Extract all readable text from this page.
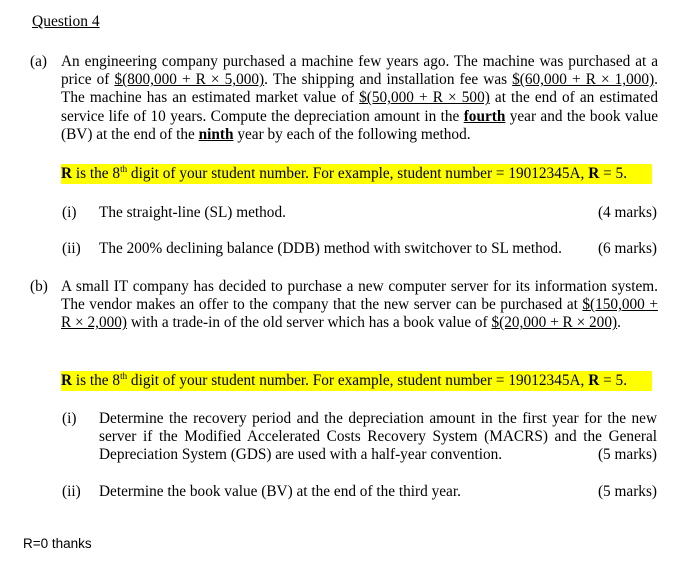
Question 4
(a) An engineering company purchased a machine few years ago. The machine was purchased at a price of $(800,000 + R × 5,000). The shipping and installation fee was $(60,000 + R × 1,000). The machine has an estimated market value of $(50,000 + R × 500) at the end of an estimated service life of 10 years. Compute the depreciation amount in the fourth year and the book value (BV) at the end of the ninth year by each of the following method.
R is the 8th digit of your student number. For example, student number = 19012345A, R = 5.
(i) The straight-line (SL) method.	(4 marks)
(ii) The 200% declining balance (DDB) method with switchover to SL method. (6 marks)
(b) A small IT company has decided to purchase a new computer server for its information system. The vendor makes an offer to the company that the new server can be purchased at $(150,000 + R × 2,000) with a trade-in of the old server which has a book value of $(20,000 + R × 200).
R is the 8th digit of your student number. For example, student number = 19012345A, R = 5.
(i) Determine the recovery period and the depreciation amount in the first year for the new server if the Modified Accelerated Costs Recovery System (MACRS) and the General Depreciation System (GDS) are used with a half-year convention.	(5 marks)
(ii) Determine the book value (BV) at the end of the third year.	(5 marks)
R=0 thanks
